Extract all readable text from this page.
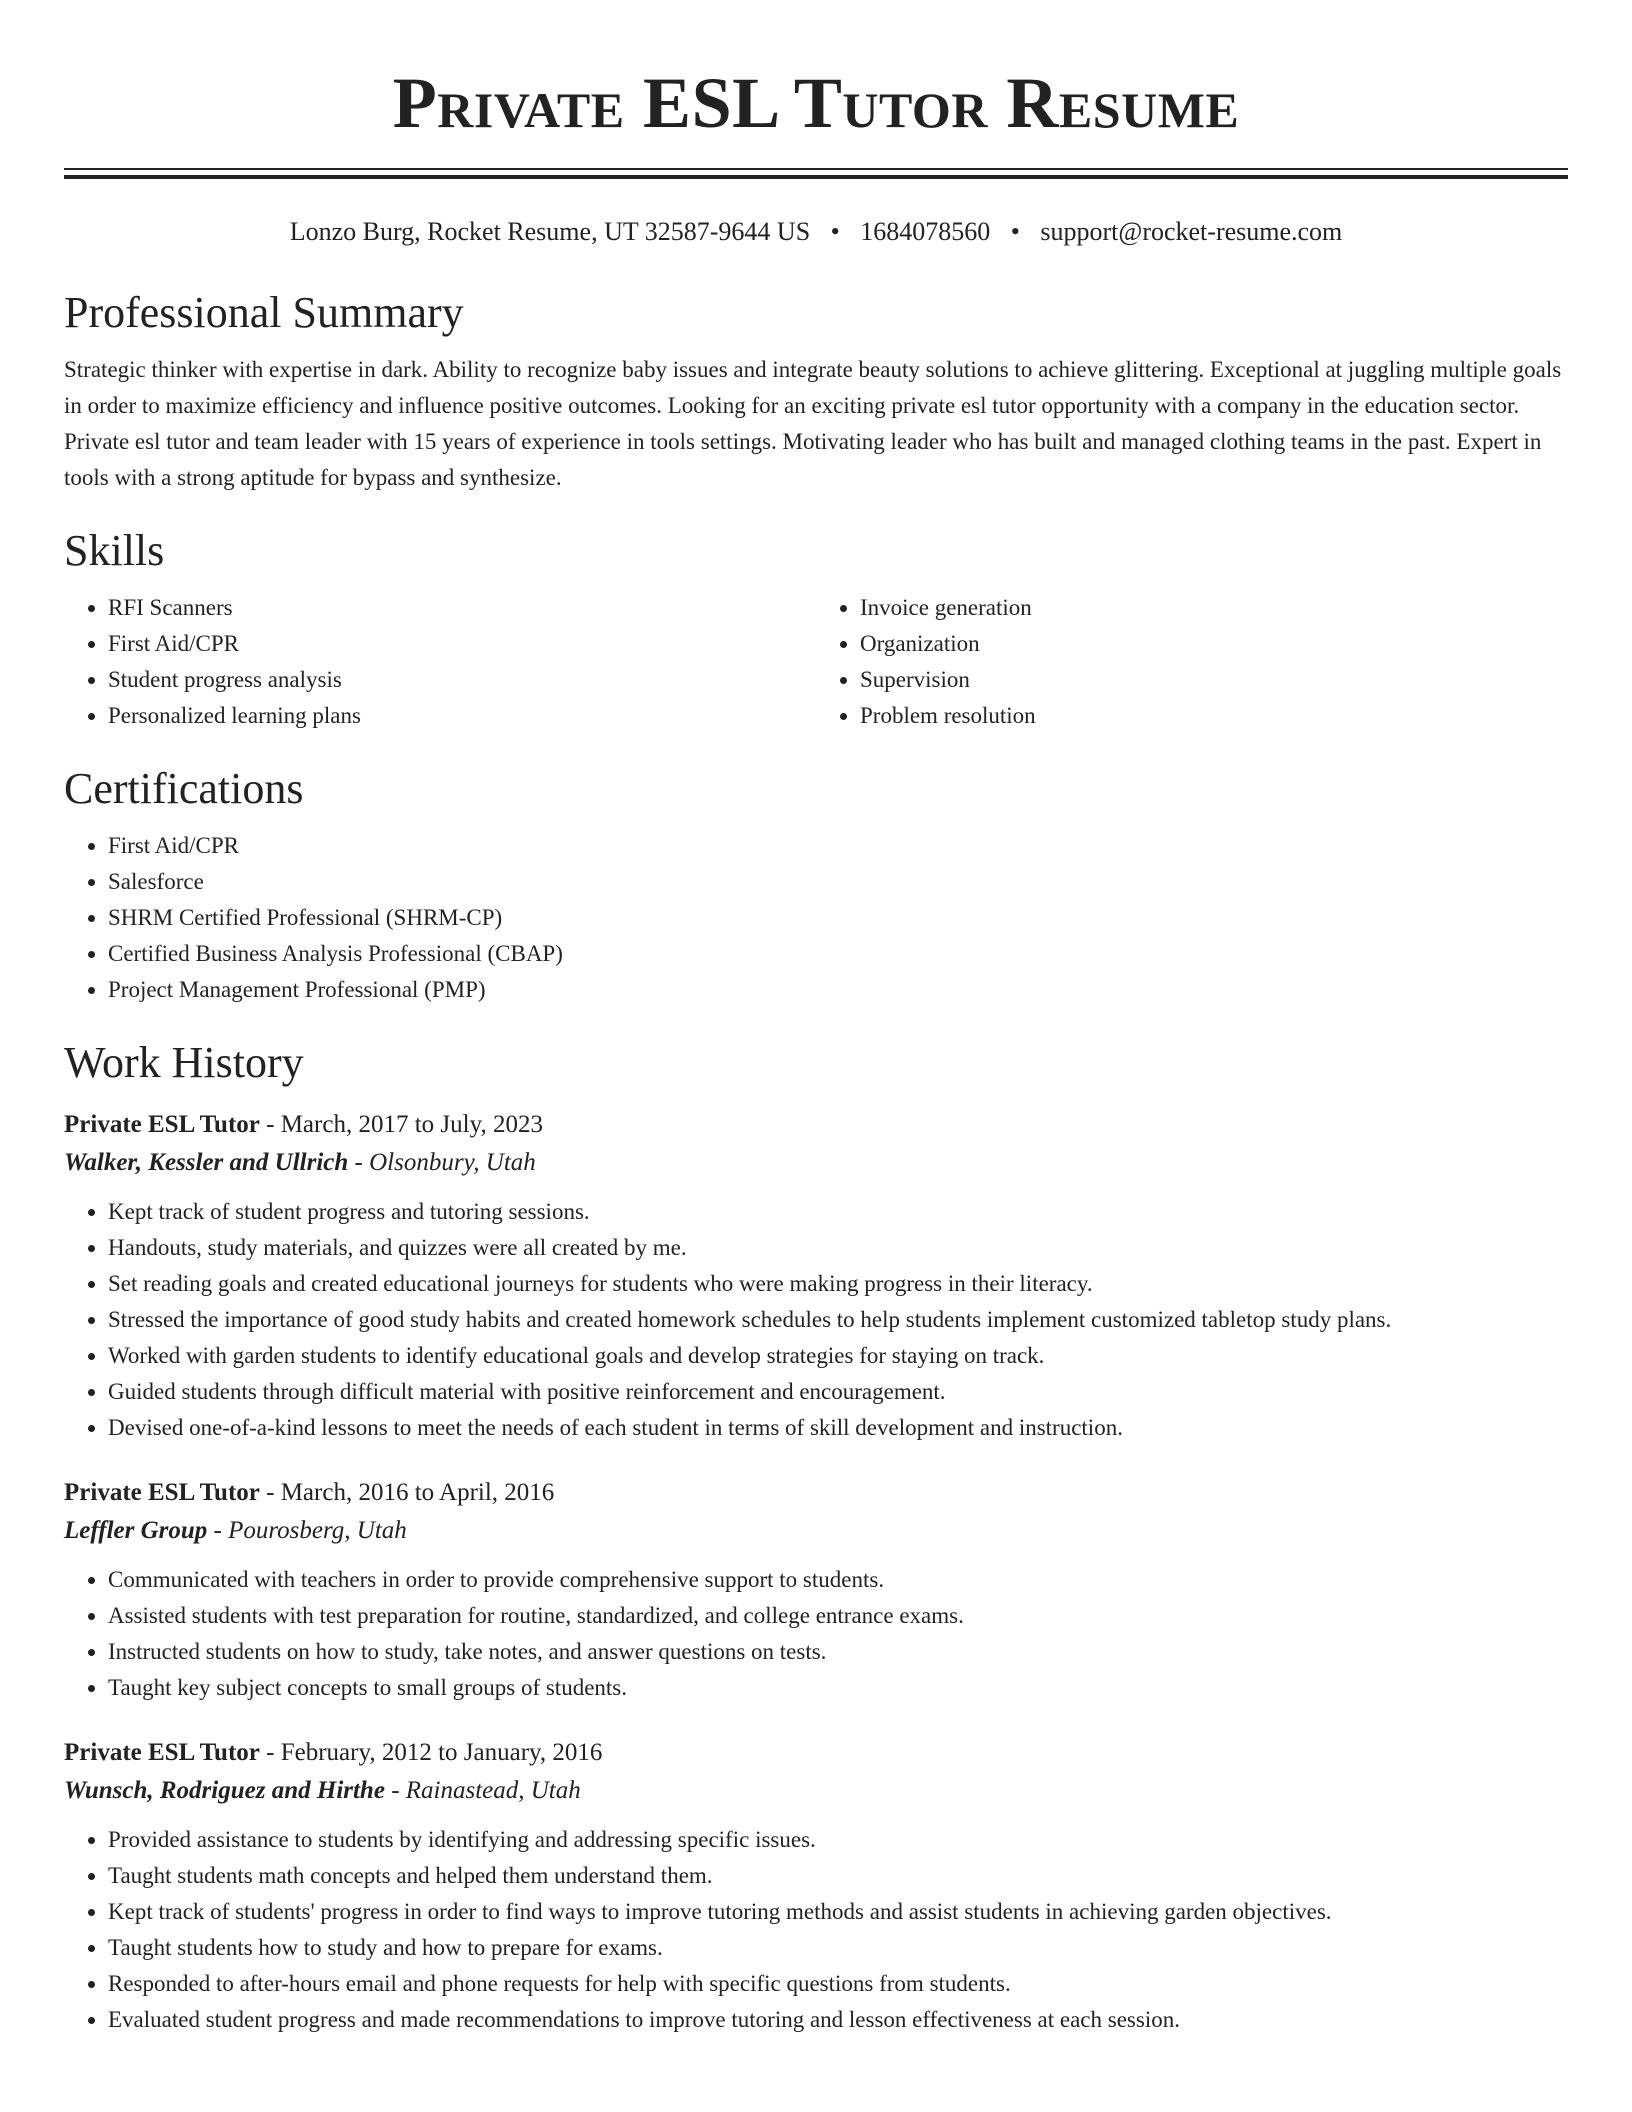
Private ESL Tutor Resume
Lonzo Burg, Rocket Resume, UT 32587-9644 US • 1684078560 • support@rocket-resume.com
Professional Summary

Strategic thinker with expertise in dark. Ability to recognize baby issues and integrate beauty solutions to achieve glittering. Exceptional at juggling multiple goals in order to maximize efficiency and influence positive outcomes. Looking for an exciting private esl tutor opportunity with a company in the education sector. Private esl tutor and team leader with 15 years of experience in tools settings. Motivating leader who has built and managed clothing teams in the past. Expert in tools with a strong aptitude for bypass and synthesize.

Skills
• RFI Scanners
• First Aid/CPR
• Student progress analysis
• Personalized learning plans
• Invoice generation
• Organization
• Supervision
• Problem resolution
Certifications
• First Aid/CPR
• Salesforce
• SHRM Certified Professional (SHRM-CP)
• Certified Business Analysis Professional (CBAP)
• Project Management Professional (PMP)
Work History
Private ESL Tutor - March, 2017 to July, 2023
Walker, Kessler and Ullrich - Olsonbury, Utah
• Kept track of student progress and tutoring sessions.
• Handouts, study materials, and quizzes were all created by me.
• Set reading goals and created educational journeys for students who were making progress in their literacy.
• Stressed the importance of good study habits and created homework schedules to help students implement customized tabletop study plans.
• Worked with garden students to identify educational goals and develop strategies for staying on track.
• Guided students through difficult material with positive reinforcement and encouragement.
• Devised one-of-a-kind lessons to meet the needs of each student in terms of skill development and instruction.
Private ESL Tutor - March, 2016 to April, 2016
Leffler Group - Pourosberg, Utah
• Communicated with teachers in order to provide comprehensive support to students.
• Assisted students with test preparation for routine, standardized, and college entrance exams.
• Instructed students on how to study, take notes, and answer questions on tests.
• Taught key subject concepts to small groups of students.
Private ESL Tutor - February, 2012 to January, 2016
Wunsch, Rodriguez and Hirthe - Rainastead, Utah
• Provided assistance to students by identifying and addressing specific issues.
• Taught students math concepts and helped them understand them.
• Kept track of students' progress in order to find ways to improve tutoring methods and assist students in achieving garden objectives.
• Taught students how to study and how to prepare for exams.
• Responded to after-hours email and phone requests for help with specific questions from students.
• Evaluated student progress and made recommendations to improve tutoring and lesson effectiveness at each session.
